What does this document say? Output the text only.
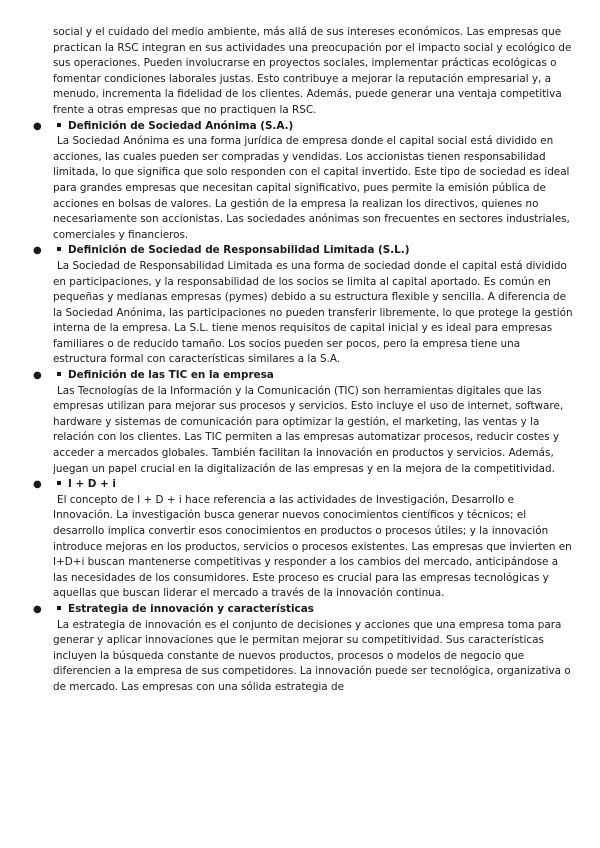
social y el cuidado del medio ambiente, más allá de sus intereses económicos. Las empresas que practican la RSC integran en sus actividades una preocupación por el impacto social y ecológico de sus operaciones. Pueden involucrarse en proyectos sociales, implementar prácticas ecológicas o fomentar condiciones laborales justas. Esto contribuye a mejorar la reputación empresarial y, a menudo, incrementa la fidelidad de los clientes. Además, puede generar una ventaja competitiva frente a otras empresas que no practiquen la RSC.

●	Definición de Sociedad Anónima (S.A.)

La Sociedad Anónima es una forma jurídica de empresa donde el capital social está dividido en acciones, las cuales pueden ser compradas y vendidas. Los accionistas tienen responsabilidad limitada, lo que significa que solo responden con el capital invertido. Este tipo de sociedad es ideal para grandes empresas que necesitan capital significativo, pues permite la emisión pública de acciones en bolsas de valores. La gestión de la empresa la realizan los directivos, quienes no necesariamente son accionistas. Las sociedades anónimas son frecuentes en sectores industriales, comerciales y financieros.

●	Definición de Sociedad de Responsabilidad Limitada (S.L.)

La Sociedad de Responsabilidad Limitada es una forma de sociedad donde el capital está dividido en participaciones, y la responsabilidad de los socios se limita al capital aportado. Es común en pequeñas y medianas empresas (pymes) debido a su estructura flexible y sencilla. A diferencia de la Sociedad Anónima, las participaciones no pueden transferir libremente, lo que protege la gestión interna de la empresa. La S.L. tiene menos requisitos de capital inicial y es ideal para empresas familiares o de reducido tamaño. Los socios pueden ser pocos, pero la empresa tiene una estructura formal con características similares a la S.A.

●	Definición de las TIC en la empresa

Las Tecnologías de la Información y la Comunicación (TIC) son herramientas digitales que las empresas utilizan para mejorar sus procesos y servicios. Esto incluye el uso de internet, software, hardware y sistemas de comunicación para optimizar la gestión, el marketing, las ventas y la relación con los clientes. Las TIC permiten a las empresas automatizar procesos, reducir costes y acceder a mercados globales. También facilitan la innovación en productos y servicios. Además, juegan un papel crucial en la digitalización de las empresas y en la mejora de la competitividad.

●	I + D + i

El concepto de I + D + i hace referencia a las actividades de Investigación, Desarrollo e Innovación. La investigación busca generar nuevos conocimientos científicos y técnicos; el desarrollo implica convertir esos conocimientos en productos o procesos útiles; y la innovación introduce mejoras en los productos, servicios o procesos existentes. Las empresas que invierten en I+D+i buscan mantenerse competitivas y responder a los cambios del mercado, anticipándose a las necesidades de los consumidores. Este proceso es crucial para las empresas tecnológicas y aquellas que buscan liderar el mercado a través de la innovación continua.

●	Estrategia de innovación y características

La estrategia de innovación es el conjunto de decisiones y acciones que una empresa toma para generar y aplicar innovaciones que le permitan mejorar su competitividad. Sus características incluyen la búsqueda constante de nuevos productos, procesos o modelos de negocio que diferencien a la empresa de sus competidores. La innovación puede ser tecnológica, organizativa o de mercado. Las empresas con una sólida estrategia de
